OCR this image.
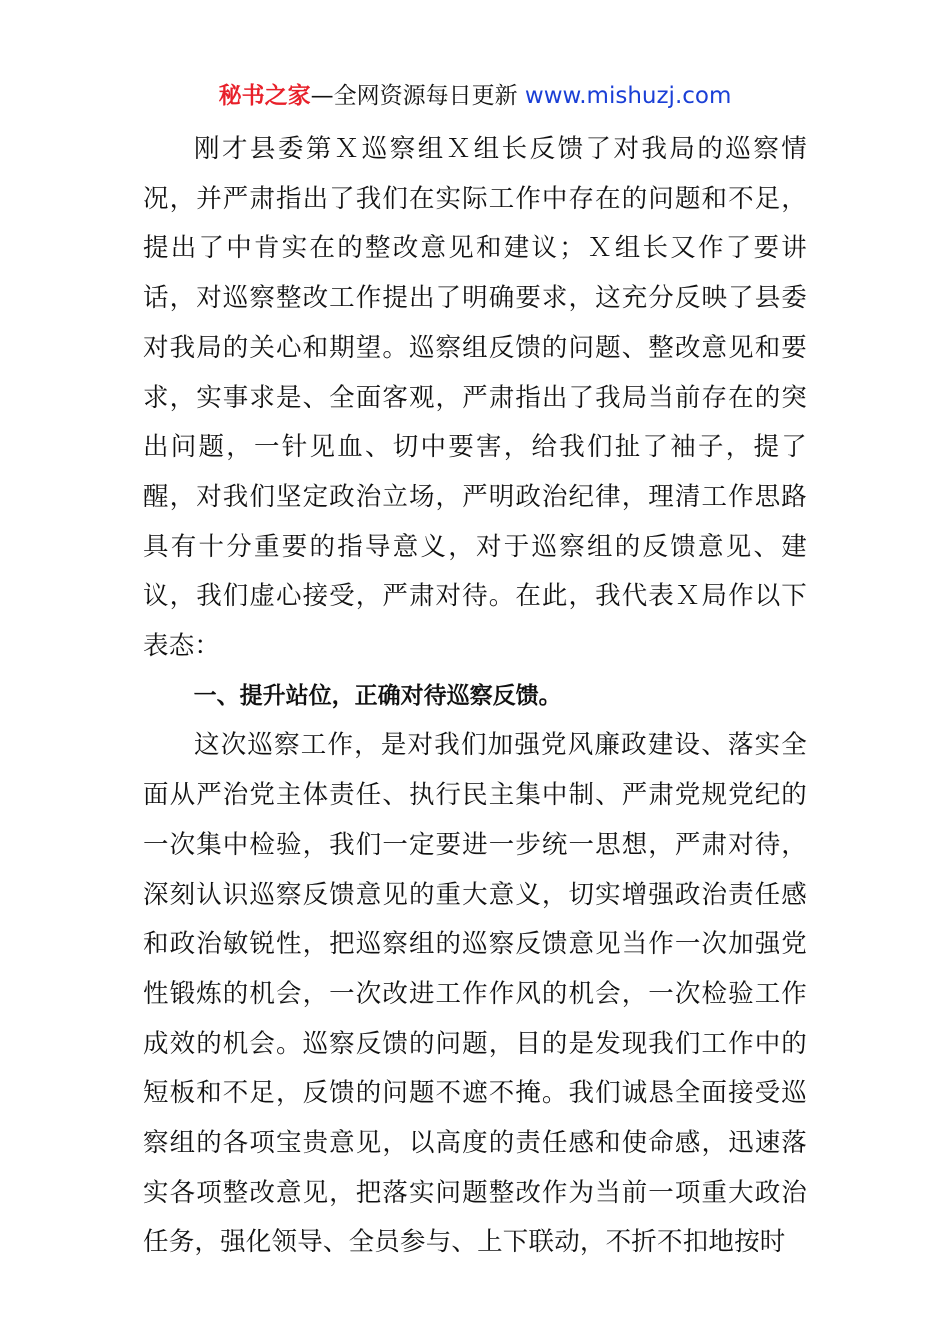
秘书之家—全网资源每日更新 www.mishuzj.com

刚才县委第Ｘ巡察组Ｘ组长反馈了对我局的巡察情况，并严肃指出了我们在实际工作中存在的问题和不足，提出了中肯实在的整改意见和建议；Ｘ组长又作了要讲话，对巡察整改工作提出了明确要求，这充分反映了县委对我局的关心和期望。巡察组反馈的问题、整改意见和要求，实事求是、全面客观，严肃指出了我局当前存在的突出问题，一针见血、切中要害，给我们扯了袖子，提了醒，对我们坚定政治立场，严明政治纪律，理清工作思路具有十分重要的指导意义，对于巡察组的反馈意见、建议，我们虚心接受，严肃对待。在此，我代表Ｘ局作以下表态：

一、提升站位，正确对待巡察反馈。

这次巡察工作，是对我们加强党风廉政建设、落实全面从严治党主体责任、执行民主集中制、严肃党规党纪的一次集中检验，我们一定要进一步统一思想，严肃对待，深刻认识巡察反馈意见的重大意义，切实增强政治责任感和政治敏锐性，把巡察组的巡察反馈意见当作一次加强党性锻炼的机会，一次改进工作作风的机会，一次检验工作成效的机会。巡察反馈的问题，目的是发现我们工作中的短板和不足，反馈的问题不遮不掩。我们诚恳全面接受巡察组的各项宝贵意见，以高度的责任感和使命感，迅速落实各项整改意见，把落实问题整改作为当前一项重大政治任务，强化领导、全员参与、上下联动，不折不扣地按时
